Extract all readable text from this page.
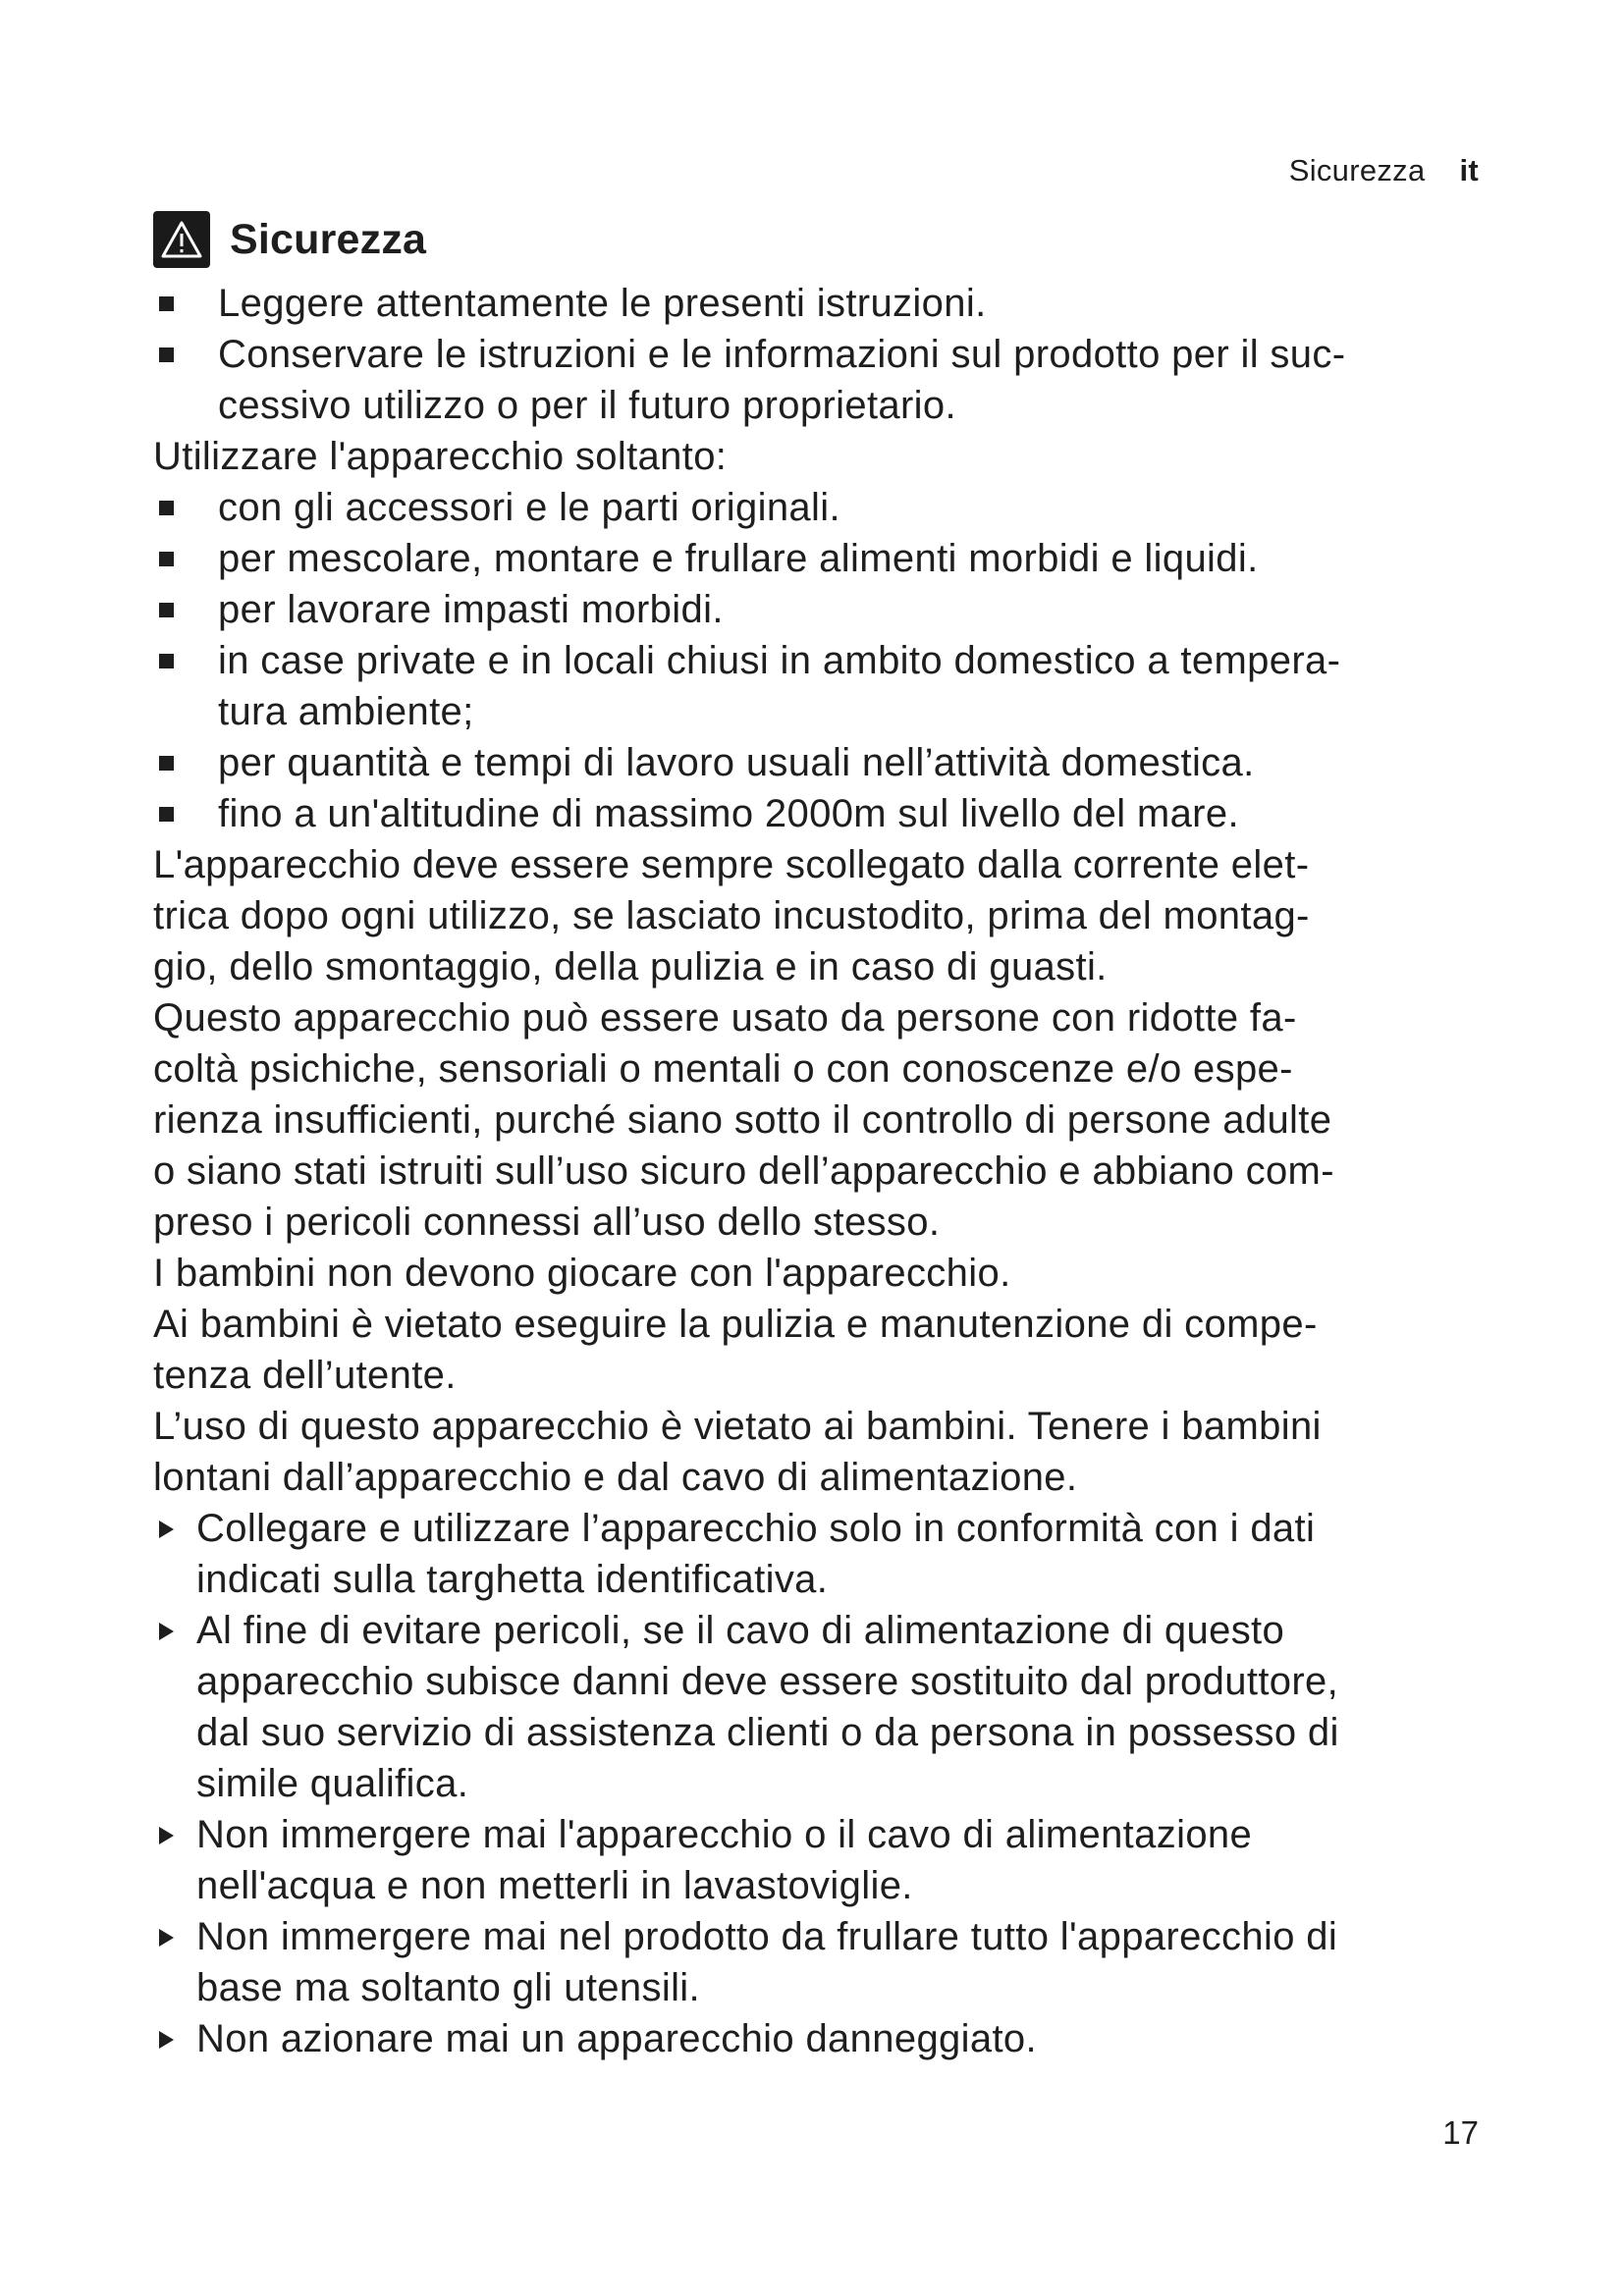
Sicurezza it
Sicurezza
Leggere attentamente le presenti istruzioni.
Conservare le istruzioni e le informazioni sul prodotto per il suc-
cessivo utilizzo o per il futuro proprietario.
Utilizzare l'apparecchio soltanto:
con gli accessori e le parti originali.
per mescolare, montare e frullare alimenti morbidi e liquidi.
per lavorare impasti morbidi.
in case private e in locali chiusi in ambito domestico a tempera-
tura ambiente;
per quantità e tempi di lavoro usuali nell’attività domestica.
fino a un'altitudine di massimo 2000m sul livello del mare.
L'apparecchio deve essere sempre scollegato dalla corrente elet-
trica dopo ogni utilizzo, se lasciato incustodito, prima del montag-
gio, dello smontaggio, della pulizia e in caso di guasti.
Questo apparecchio può essere usato da persone con ridotte fa-
coltà psichiche, sensoriali o mentali o con conoscenze e/o espe-
rienza insufficienti, purché siano sotto il controllo di persone adulte
o siano stati istruiti sull’uso sicuro dell’apparecchio e abbiano com-
preso i pericoli connessi all’uso dello stesso.
I bambini non devono giocare con l'apparecchio.
Ai bambini è vietato eseguire la pulizia e manutenzione di compe-
tenza dell’utente.
L’uso di questo apparecchio è vietato ai bambini. Tenere i bambini
lontani dall’apparecchio e dal cavo di alimentazione.
Collegare e utilizzare l’apparecchio solo in conformità con i dati
indicati sulla targhetta identificativa.
Al fine di evitare pericoli, se il cavo di alimentazione di questo
apparecchio subisce danni deve essere sostituito dal produttore,
dal suo servizio di assistenza clienti o da persona in possesso di
simile qualifica.
Non immergere mai l'apparecchio o il cavo di alimentazione
nell'acqua e non metterli in lavastoviglie.
Non immergere mai nel prodotto da frullare tutto l'apparecchio di
base ma soltanto gli utensili.
Non azionare mai un apparecchio danneggiato.
17
